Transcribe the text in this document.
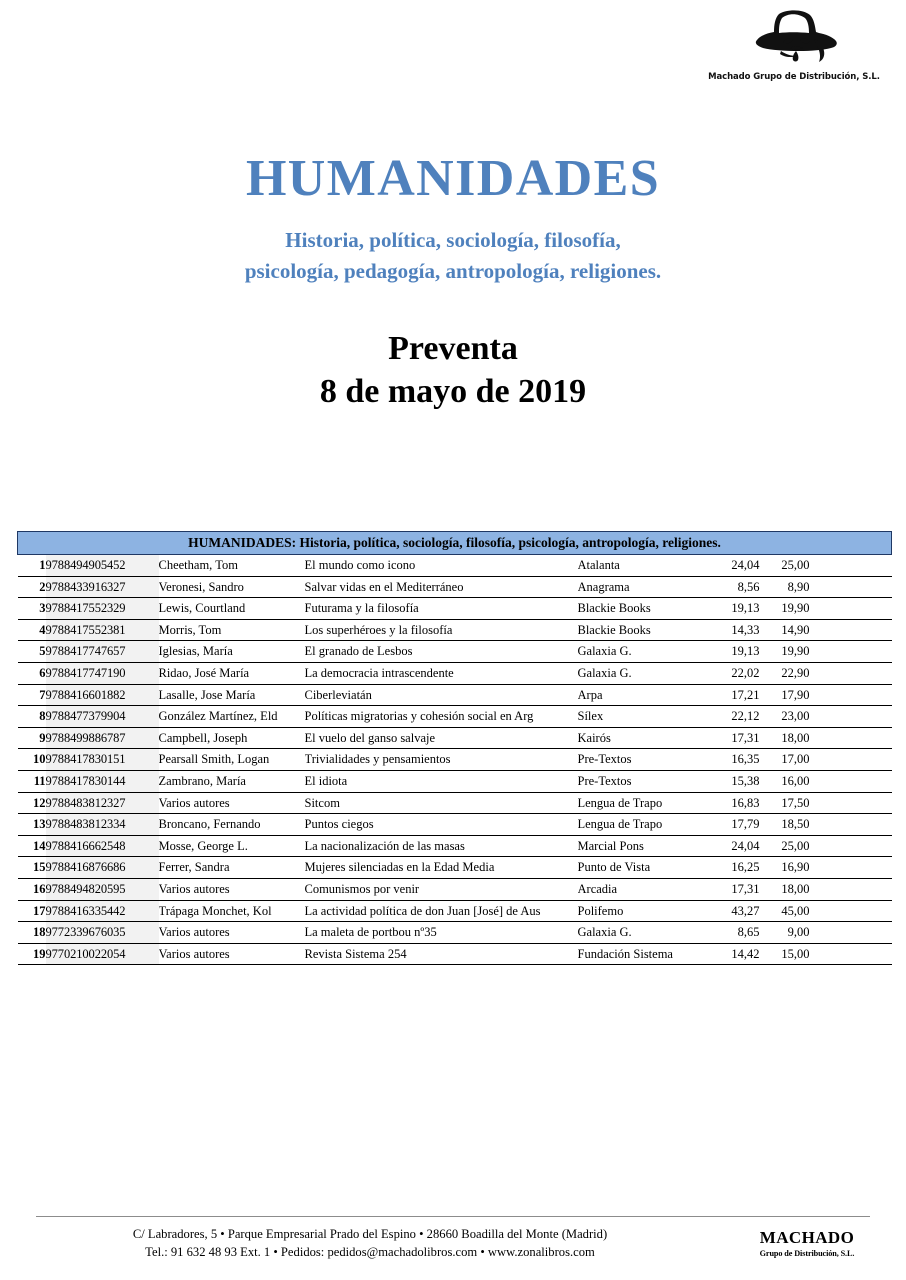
Machado Grupo de Distribución, S.L.
HUMANIDADES
Historia, política, sociología, filosofía,
psicología, pedagogía, antropología, religiones.
Preventa
8 de mayo de 2019
HUMANIDADES: Historia, política, sociología, filosofía, psicología, antropología, religiones.							
1	9788494905452	Cheetham, Tom	El mundo como icono	Atalanta	24,04	25,00	
2	9788433916327	Veronesi, Sandro	Salvar vidas en el Mediterráneo	Anagrama	8,56	8,90	
3	9788417552329	Lewis, Courtland	Futurama y la filosofía	Blackie Books	19,13	19,90	
4	9788417552381	Morris, Tom	Los superhéroes y la filosofía	Blackie Books	14,33	14,90	
5	9788417747657	Iglesias, María	El granado de Lesbos	Galaxia G.	19,13	19,90	
6	9788417747190	Ridao, José María	La democracia intrascendente	Galaxia G.	22,02	22,90	
7	9788416601882	Lasalle, Jose María	Ciberleviatán	Arpa	17,21	17,90	
8	9788477379904	González Martínez, Eld	Políticas migratorias y cohesión social en Arg	Sílex	22,12	23,00	
9	9788499886787	Campbell, Joseph	El vuelo del ganso salvaje	Kairós	17,31	18,00	
10	9788417830151	Pearsall Smith, Logan	Trivialidades y pensamientos	Pre-Textos	16,35	17,00	
11	9788417830144	Zambrano, María	El idiota	Pre-Textos	15,38	16,00	
12	9788483812327	Varios autores	Sitcom	Lengua de Trapo	16,83	17,50	
13	9788483812334	Broncano, Fernando	Puntos ciegos	Lengua de Trapo	17,79	18,50	
14	9788416662548	Mosse, George L.	La nacionalización de las masas	Marcial Pons	24,04	25,00	
15	9788416876686	Ferrer, Sandra	Mujeres silenciadas en la Edad Media	Punto de Vista	16,25	16,90	
16	9788494820595	Varios autores	Comunismos por venir	Arcadia	17,31	18,00	
17	9788416335442	Trápaga Monchet, Kol	La actividad política de don Juan [José] de Aus	Polifemo	43,27	45,00	
18	9772339676035	Varios autores	La maleta de portbou nº35	Galaxia G.	8,65	9,00	
19	9770210022054	Varios autores	Revista Sistema 254	Fundación Sistema	14,42	15,00	
C/ Labradores, 5 • Parque Empresarial Prado del Espino • 28660 Boadilla del Monte (Madrid)
Tel.: 91 632 48 93 Ext. 1 • Pedidos: pedidos@machadolibros.com • www.zonalibros.com
MACHADO
Grupo de Distribución, S.L.
